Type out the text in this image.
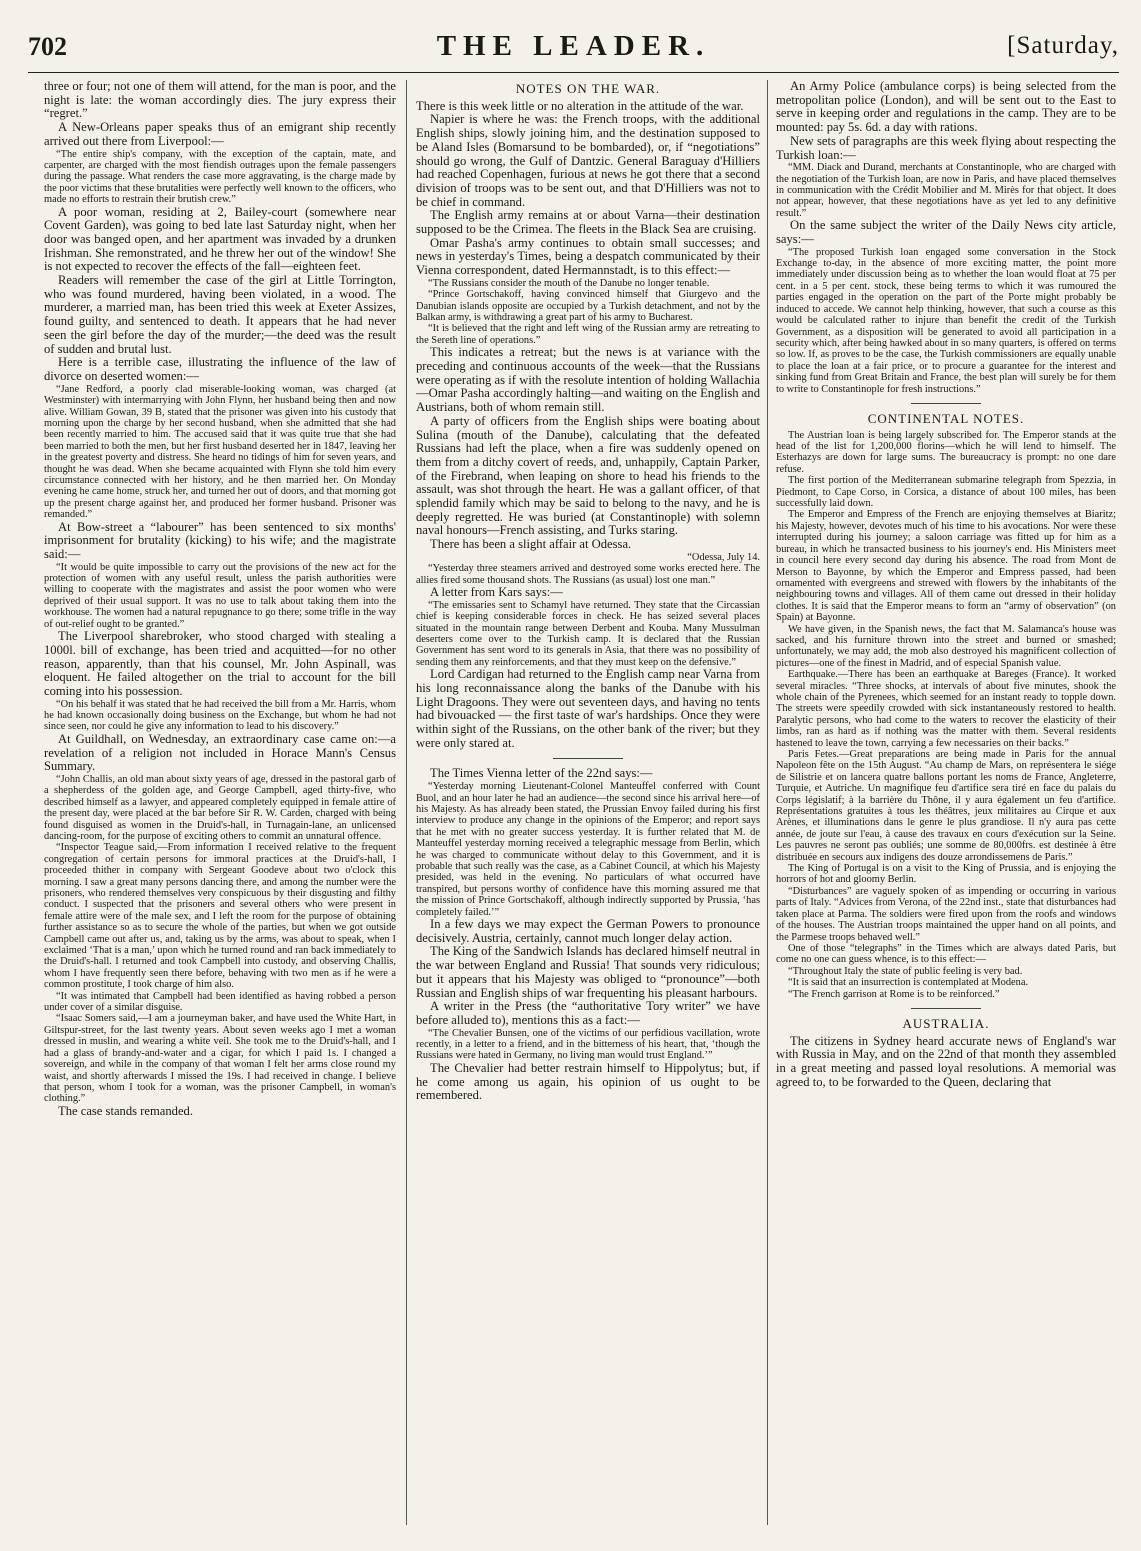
702	THE LEADER.	[Saturday,

three or four; not one of them will attend, for the man is poor, and the night is late: the woman accordingly dies. The jury express their “regret.”

A New-Orleans paper speaks thus of an emigrant ship recently arrived out there from Liverpool:—

“The entire ship's company, with the exception of the captain, mate, and carpenter, are charged with the most fiendish outrages upon the female passengers during the passage. What renders the case more aggravating, is the charge made by the poor victims that these brutalities were perfectly well known to the officers, who made no efforts to restrain their brutish crew.”

A poor woman, residing at 2, Bailey-court (somewhere near Covent Garden), was going to bed late last Saturday night, when her door was banged open, and her apartment was invaded by a drunken Irishman. She remonstrated, and he threw her out of the window! She is not expected to recover the effects of the fall—eighteen feet.

Readers will remember the case of the girl at Little Torrington, who was found murdered, having been violated, in a wood. The murderer, a married man, has been tried this week at Exeter Assizes, found guilty, and sentenced to death. It appears that he had never seen the girl before the day of the murder;—the deed was the result of sudden and brutal lust.

Here is a terrible case, illustrating the influence of the law of divorce on deserted women:—

“Jane Redford, a poorly clad miserable-looking woman, was charged (at Westminster) with intermarrying with John Flynn, her husband being then and now alive. William Gowan, 39 B, stated that the prisoner was given into his custody that morning upon the charge by her second husband, when she admitted that she had been recently married to him. The accused said that it was quite true that she had been married to both the men, but her first husband deserted her in 1847, leaving her in the greatest poverty and distress. She heard no tidings of him for seven years, and thought he was dead. When she became acquainted with Flynn she told him every circumstance connected with her history, and he then married her. On Monday evening he came home, struck her, and turned her out of doors, and that morning got up the present charge against her, and produced her former husband. Prisoner was remanded.”

At Bow-street a “labourer” has been sentenced to six months' imprisonment for brutality (kicking) to his wife; and the magistrate said:—

“It would be quite impossible to carry out the provisions of the new act for the protection of women with any useful result, unless the parish authorities were willing to cooperate with the magistrates and assist the poor women who were deprived of their usual support. It was no use to talk about taking them into the workhouse. The women had a natural repugnance to go there; some trifle in the way of out-relief ought to be granted.”

The Liverpool sharebroker, who stood charged with stealing a 1000l. bill of exchange, has been tried and acquitted—for no other reason, apparently, than that his counsel, Mr. John Aspinall, was eloquent. He failed altogether on the trial to account for the bill coming into his possession.

“On his behalf it was stated that he had received the bill from a Mr. Harris, whom he had known occasionally doing business on the Exchange, but whom he had not since seen, nor could he give any information to lead to his discovery.”

At Guildhall, on Wednesday, an extraordinary case came on:—a revelation of a religion not included in Horace Mann's Census Summary.

“John Challis, an old man about sixty years of age, dressed in the pastoral garb of a shepherdess of the golden age, and George Campbell, aged thirty-five, who described himself as a lawyer, and appeared completely equipped in female attire of the present day, were placed at the bar before Sir R. W. Carden, charged with being found disguised as women in the Druid's-hall, in Turnagain-lane, an unlicensed dancing-room, for the purpose of exciting others to commit an unnatural offence.

“Inspector Teague said,—From information I received relative to the frequent congregation of certain persons for immoral practices at the Druid's-hall, I proceeded thither in company with Sergeant Goodeve about two o'clock this morning. I saw a great many persons dancing there, and among the number were the prisoners, who rendered themselves very conspicuous by their disgusting and filthy conduct. I suspected that the prisoners and several others who were present in female attire were of the male sex, and I left the room for the purpose of obtaining further assistance so as to secure the whole of the parties, but when we got outside Campbell came out after us, and, taking us by the arms, was about to speak, when I exclaimed ‘That is a man,’ upon which he turned round and ran back immediately to the Druid's-hall. I returned and took Campbell into custody, and observing Challis, whom I have frequently seen there before, behaving with two men as if he were a common prostitute, I took charge of him also.

“It was intimated that Campbell had been identified as having robbed a person under cover of a similar disguise.

“Isaac Somers said,—I am a journeyman baker, and have used the White Hart, in Giltspur-street, for the last twenty years. About seven weeks ago I met a woman dressed in muslin, and wearing a white veil. She took me to the Druid's-hall, and I had a glass of brandy-and-water and a cigar, for which I paid 1s. I changed a sovereign, and while in the company of that woman I felt her arms close round my waist, and shortly afterwards I missed the 19s. I had received in change. I believe that person, whom I took for a woman, was the prisoner Campbell, in woman's clothing.”

The case stands remanded.

NOTES ON THE WAR.

There is this week little or no alteration in the attitude of the war.

Napier is where he was: the French troops, with the additional English ships, slowly joining him, and the destination supposed to be Aland Isles (Bomarsund to be bombarded), or, if “negotiations” should go wrong, the Gulf of Dantzic. General Baraguay d'Hilliers had reached Copenhagen, furious at news he got there that a second division of troops was to be sent out, and that D'Hilliers was not to be chief in command.

The English army remains at or about Varna—their destination supposed to be the Crimea. The fleets in the Black Sea are cruising.

Omar Pasha's army continues to obtain small successes; and news in yesterday's Times, being a despatch communicated by their Vienna correspondent, dated Hermannstadt, is to this effect:—

“The Russians consider the mouth of the Danube no longer tenable.

“Prince Gortschakoff, having convinced himself that Giurgevo and the Danubian islands opposite are occupied by a Turkish detachment, and not by the Balkan army, is withdrawing a great part of his army to Bucharest.

“It is believed that the right and left wing of the Russian army are retreating to the Sereth line of operations.”

This indicates a retreat; but the news is at variance with the preceding and continuous accounts of the week—that the Russians were operating as if with the resolute intention of holding Wallachia—Omar Pasha accordingly halting—and waiting on the English and Austrians, both of whom remain still.

A party of officers from the English ships were boating about Sulina (mouth of the Danube), calculating that the defeated Russians had left the place, when a fire was suddenly opened on them from a ditchy covert of reeds, and, unhappily, Captain Parker, of the Firebrand, when leaping on shore to head his friends to the assault, was shot through the heart. He was a gallant officer, of that splendid family which may be said to belong to the navy, and he is deeply regretted. He was buried (at Constantinople) with solemn naval honours—French assisting, and Turks staring.

There has been a slight affair at Odessa.

“Odessa, July 14.

“Yesterday three steamers arrived and destroyed some works erected here. The allies fired some thousand shots. The Russians (as usual) lost one man.”

A letter from Kars says:—

“The emissaries sent to Schamyl have returned. They state that the Circassian chief is keeping considerable forces in check. He has seized several places situated in the mountain range between Derbent and Kouba. Many Mussulman deserters come over to the Turkish camp. It is declared that the Russian Government has sent word to its generals in Asia, that there was no possibility of sending them any reinforcements, and that they must keep on the defensive.”

Lord Cardigan had returned to the English camp near Varna from his long reconnaissance along the banks of the Danube with his Light Dragoons. They were out seventeen days, and having no tents had bivouacked — the first taste of war's hardships. Once they were within sight of the Russians, on the other bank of the river; but they were only stared at.

The Times Vienna letter of the 22nd says:—

“Yesterday morning Lieutenant-Colonel Manteuffel conferred with Count Buol, and an hour later he had an audience—the second since his arrival here—of his Majesty. As has already been stated, the Prussian Envoy failed during his first interview to produce any change in the opinions of the Emperor; and report says that he met with no greater success yesterday. It is further related that M. de Manteuffel yesterday morning received a telegraphic message from Berlin, which he was charged to communicate without delay to this Government, and it is probable that such really was the case, as a Cabinet Council, at which his Majesty presided, was held in the evening. No particulars of what occurred have transpired, but persons worthy of confidence have this morning assured me that the mission of Prince Gortschakoff, although indirectly supported by Prussia, ‘has completely failed.’”

In a few days we may expect the German Powers to pronounce decisively. Austria, certainly, cannot much longer delay action.

The King of the Sandwich Islands has declared himself neutral in the war between England and Russia! That sounds very ridiculous; but it appears that his Majesty was obliged to “pronounce”—both Russian and English ships of war frequenting his pleasant harbours.

A writer in the Press (the “authoritative Tory writer” we have before alluded to), mentions this as a fact:—

“The Chevalier Bunsen, one of the victims of our perfidious vacillation, wrote recently, in a letter to a friend, and in the bitterness of his heart, that, ‘though the Russians were hated in Germany, no living man would trust England.’”

The Chevalier had better restrain himself to Hippolytus; but, if he come among us again, his opinion of us ought to be remembered.

An Army Police (ambulance corps) is being selected from the metropolitan police (London), and will be sent out to the East to serve in keeping order and regulations in the camp. They are to be mounted: pay 5s. 6d. a day with rations.

New sets of paragraphs are this week flying about respecting the Turkish loan:—

“MM. Diack and Durand, merchants at Constantinople, who are charged with the negotiation of the Turkish loan, are now in Paris, and have placed themselves in communication with the Crédit Mobilier and M. Mirès for that object. It does not appear, however, that these negotiations have as yet led to any definitive result.”

On the same subject the writer of the Daily News city article, says:—

“The proposed Turkish loan engaged some conversation in the Stock Exchange to-day, in the absence of more exciting matter, the point more immediately under discussion being as to whether the loan would float at 75 per cent. in a 5 per cent. stock, these being terms to which it was rumoured the parties engaged in the operation on the part of the Porte might probably be induced to accede. We cannot help thinking, however, that such a course as this would be calculated rather to injure than benefit the credit of the Turkish Government, as a disposition will be generated to avoid all participation in a security which, after being hawked about in so many quarters, is offered on terms so low. If, as proves to be the case, the Turkish commissioners are equally unable to place the loan at a fair price, or to procure a guarantee for the interest and sinking fund from Great Britain and France, the best plan will surely be for them to write to Constantinople for fresh instructions.”

CONTINENTAL NOTES.

The Austrian loan is being largely subscribed for. The Emperor stands at the head of the list for 1,200,000 florins—which he will lend to himself. The Esterhazys are down for large sums. The bureaucracy is prompt: no one dare refuse.

The first portion of the Mediterranean submarine telegraph from Spezzia, in Piedmont, to Cape Corso, in Corsica, a distance of about 100 miles, has been successfully laid down.

The Emperor and Empress of the French are enjoying themselves at Biaritz; his Majesty, however, devotes much of his time to his avocations. Nor were these interrupted during his journey; a saloon carriage was fitted up for him as a bureau, in which he transacted business to his journey's end. His Ministers meet in council here every second day during his absence. The road from Mont de Merson to Bayonne, by which the Emperor and Empress passed, had been ornamented with evergreens and strewed with flowers by the inhabitants of the neighbouring towns and villages. All of them came out dressed in their holiday clothes. It is said that the Emperor means to form an “army of observation” (on Spain) at Bayonne.

We have given, in the Spanish news, the fact that M. Salamanca's house was sacked, and his furniture thrown into the street and burned or smashed; unfortunately, we may add, the mob also destroyed his magnificent collection of pictures—one of the finest in Madrid, and of especial Spanish value.

Earthquake.—There has been an earthquake at Bareges (France). It worked several miracles. “Three shocks, at intervals of about five minutes, shook the whole chain of the Pyrenees, which seemed for an instant ready to topple down. The streets were speedily crowded with sick instantaneously restored to health. Paralytic persons, who had come to the waters to recover the elasticity of their limbs, ran as hard as if nothing was the matter with them. Several residents hastened to leave the town, carrying a few necessaries on their backs.”

Paris Fetes.—Great preparations are being made in Paris for the annual Napoleon fête on the 15th August. “Au champ de Mars, on représentera le siége de Silistrie et on lancera quatre ballons portant les noms de France, Angleterre, Turquie, et Autriche. Un magnifique feu d'artifice sera tiré en face du palais du Corps législatif; à la barrière du Thône, il y aura également un feu d'artifice. Représentations gratuites à tous les théâtres, jeux militaires au Cirque et aux Arènes, et illuminations dans le genre le plus grandiose. Il n'y aura pas cette année, de joute sur l'eau, à cause des travaux en cours d'exécution sur la Seine. Les pauvres ne seront pas oubliés; une somme de 80,000frs. est destinée à être distribuée en secours aux indigens des douze arrondissemens de Paris.”

The King of Portugal is on a visit to the King of Prussia, and is enjoying the horrors of hot and gloomy Berlin.

“Disturbances” are vaguely spoken of as impending or occurring in various parts of Italy. “Advices from Verona, of the 22nd inst., state that disturbances had taken place at Parma. The soldiers were fired upon from the roofs and windows of the houses. The Austrian troops maintained the upper hand on all points, and the Parmese troops behaved well.”

One of those “telegraphs” in the Times which are always dated Paris, but come no one can guess whence, is to this effect:—

“Throughout Italy the state of public feeling is very bad.

“It is said that an insurrection is contemplated at Modena.

“The French garrison at Rome is to be reinforced.”

AUSTRALIA.

The citizens in Sydney heard accurate news of England's war with Russia in May, and on the 22nd of that month they assembled in a great meeting and passed loyal resolutions. A memorial was agreed to, to be forwarded to the Queen, declaring that
